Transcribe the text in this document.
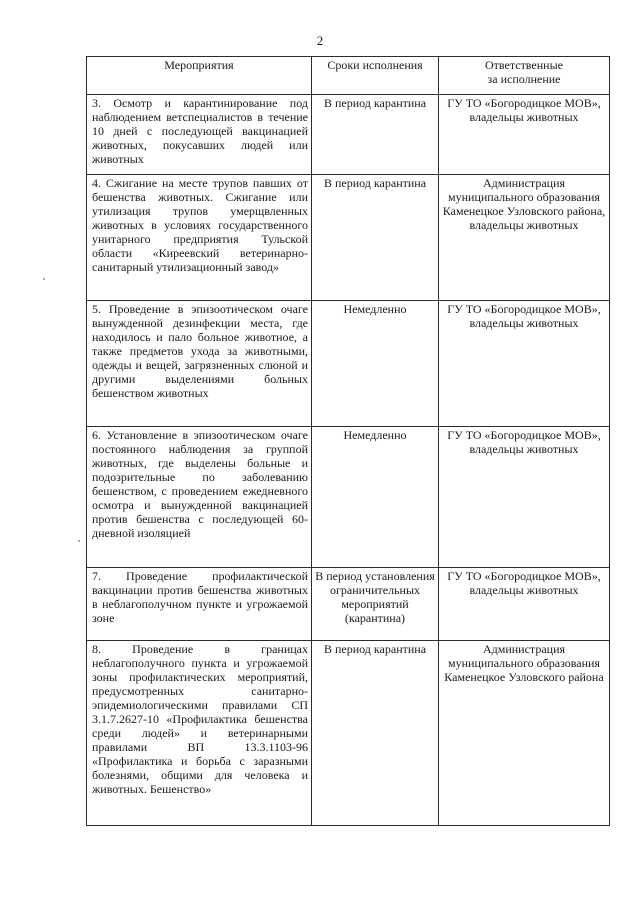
2
Мероприятия	Сроки исполнения	Ответственные
за исполнение
3. Осмотр и карантинирование под наблюдением ветспециалистов в течение 10 дней с последующей вакцинацией животных, покусавших людей или животных	В период карантина	ГУ ТО «Богородицкое МОВ», владельцы животных
4. Сжигание на месте трупов павших от бешенства животных. Сжигание или утилизация трупов умерщвленных животных в условиях государственного унитарного предприятия Тульской области «Киреевский ветеринарно-санитарный утилизационный завод»	В период карантина	Администрация муниципального образования Каменецкое Узловского района, владельцы животных
5. Проведение в эпизоотическом очаге вынужденной дезинфекции места, где находилось и пало больное животное, а также предметов ухода за животными, одежды и вещей, загрязненных слюной и другими выделениями больных бешенством животных	Немедленно	ГУ ТО «Богородицкое МОВ», владельцы животных
6. Установление в эпизоотическом очаге постоянного наблюдения за группой животных, где выделены больные и подозрительные по заболеванию бешенством, с проведением ежедневного осмотра и вынужденной вакцинацией против бешенства с последующей 60-дневной изоляцией	Немедленно	ГУ ТО «Богородицкое МОВ», владельцы животных
7. Проведение профилактической вакцинации против бешенства животных в неблагополучном пункте и угрожаемой зоне	В период установления ограничительных мероприятий (карантина)	ГУ ТО «Богородицкое МОВ», владельцы животных
8. Проведение в границах неблагополучного пункта и угрожаемой зоны профилактических мероприятий, предусмотренных санитарно-эпидемиологическими правилами СП 3.1.7.2627-10 «Профилактика бешенства среди людей» и ветеринарными правилами ВП 13.3.1103-96 «Профилактика и борьба с заразными болезнями, общими для человека и животных. Бешенство»	В период карантина	Администрация муниципального образования Каменецкое Узловского района
